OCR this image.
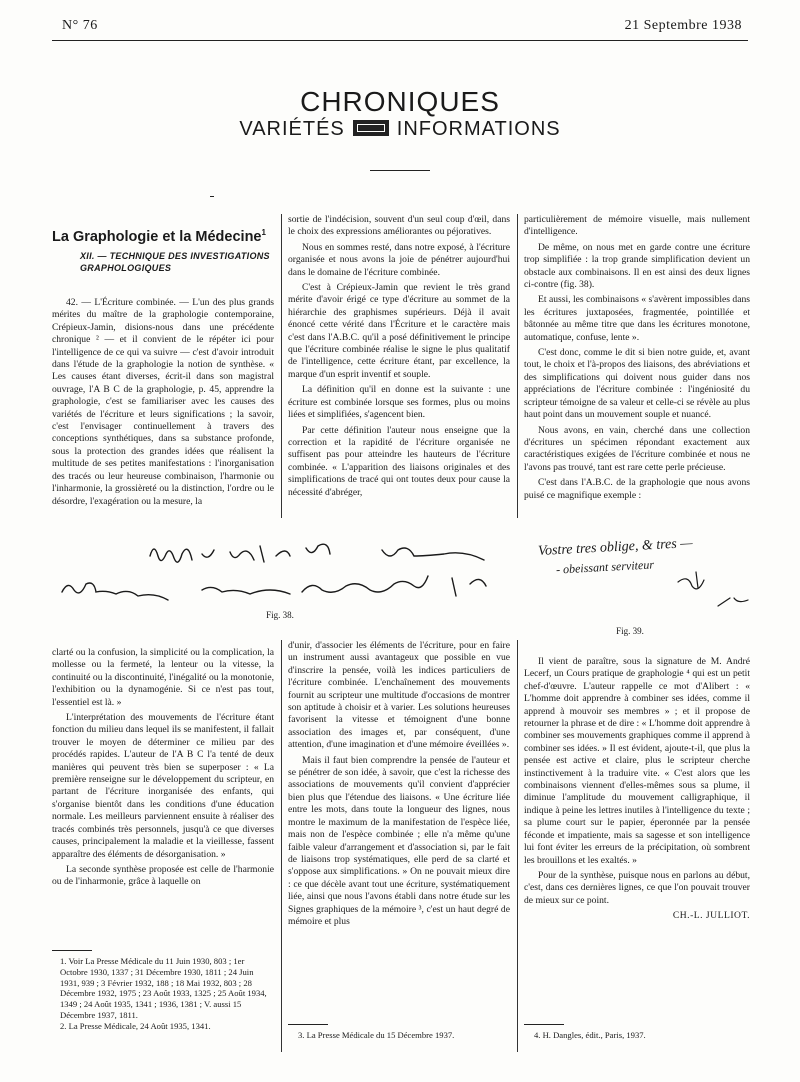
N° 76	21 Septembre 1938
CHRONIQUES
VARIÉTÉS	INFORMATIONS
La Graphologie et la Médecine$^1$
XII. — TECHNIQUE DES INVESTIGATIONS GRAPHOLOGIQUES

42. — L'Écriture combinée. — L'un des plus grands mérites du maître de la graphologie contemporaine, Crépieux-Jamin, disions-nous dans une précédente chronique ² — et il convient de le répéter ici pour l'intelligence de ce qui va suivre — c'est d'avoir introduit dans l'étude de la graphologie la notion de synthèse. « Les causes étant diverses, écrit-il dans son magistral ouvrage, l'A B C de la graphologie, p. 45, apprendre la graphologie, c'est se familiariser avec les causes des variétés de l'écriture et leurs significations ; la savoir, c'est l'envisager continuellement à travers des conceptions synthétiques, dans sa substance profonde, sous la protection des grandes idées que réalisent la multitude de ses petites manifestations : l'inorganisation des tracés ou leur heureuse combinaison, l'harmonie ou l'inharmonie, la grossièreté ou la distinction, l'ordre ou le désordre, l'exagération ou la mesure, la

sortie de l'indécision, souvent d'un seul coup d'œil, dans le choix des expressions améliorantes ou péjoratives.

Nous en sommes resté, dans notre exposé, à l'écriture organisée et nous avons la joie de pénétrer aujourd'hui dans le domaine de l'écriture combinée.

C'est à Crépieux-Jamin que revient le très grand mérite d'avoir érigé ce type d'écriture au sommet de la hiérarchie des graphismes supérieurs. Déjà il avait énoncé cette vérité dans l'Écriture et le caractère mais c'est dans l'A.B.C. qu'il a posé définitivement le principe que l'écriture combinée réalise le signe le plus qualitatif de l'intelligence, cette écriture étant, par excellence, la marque d'un esprit inventif et souple.

La définition qu'il en donne est la suivante : une écriture est combinée lorsque ses formes, plus ou moins liées et simplifiées, s'agencent bien.

Par cette définition l'auteur nous enseigne que la correction et la rapidité de l'écriture organisée ne suffisent pas pour atteindre les hauteurs de l'écriture combinée. « L'apparition des liaisons originales et des simplifications de tracé qui ont toutes deux pour cause la nécessité d'abréger,

particulièrement de mémoire visuelle, mais nullement d'intelligence.

De même, on nous met en garde contre une écriture trop simplifiée : la trop grande simplification devient un obstacle aux combinaisons. Il en est ainsi des deux lignes ci-contre (fig. 38).

Et aussi, les combinaisons « s'avèrent impossibles dans les écritures juxtaposées, fragmentée, pointillée et bâtonnée au même titre que dans les écritures monotone, automatique, confuse, lente ».

C'est donc, comme le dit si bien notre guide, et, avant tout, le choix et l'à-propos des liaisons, des abréviations et des simplifications qui doivent nous guider dans nos appréciations de l'écriture combinée : l'ingéniosité du scripteur témoigne de sa valeur et celle-ci se révèle au plus haut point dans un mouvement souple et nuancé.

Nous avons, en vain, cherché dans une collection d'écritures un spécimen répondant exactement aux caractéristiques exigées de l'écriture combinée et nous ne l'avons pas trouvé, tant est rare cette perle précieuse.

C'est dans l'A.B.C. de la graphologie que nous avons puisé ce magnifique exemple :

Fig. 38.
Vostre tres oblige, & tres —
- obeissant serviteur
Fig. 39.

clarté ou la confusion, la simplicité ou la complication, la mollesse ou la fermeté, la lenteur ou la vitesse, la continuité ou la discontinuité, l'inégalité ou la monotonie, l'exhibition ou la dynamogénie. Si ce n'est pas tout, l'essentiel est là. »

L'interprétation des mouvements de l'écriture étant fonction du milieu dans lequel ils se manifestent, il fallait trouver le moyen de déterminer ce milieu par des procédés rapides. L'auteur de l'A B C l'a tenté de deux manières qui peuvent très bien se superposer : « La première renseigne sur le développement du scripteur, en partant de l'écriture inorganisée des enfants, qui s'organise bientôt dans les conditions d'une éducation normale. Les meilleurs parviennent ensuite à réaliser des tracés combinés très personnels, jusqu'à ce que diverses causes, principalement la maladie et la vieillesse, fassent apparaître des éléments de désorganisation. »

La seconde synthèse proposée est celle de l'harmonie ou de l'inharmonie, grâce à laquelle on

d'unir, d'associer les éléments de l'écriture, pour en faire un instrument aussi avantageux que possible en vue d'inscrire la pensée, voilà les indices particuliers de l'écriture combinée. L'enchaînement des mouvements fournit au scripteur une multitude d'occasions de montrer son aptitude à choisir et à varier. Les solutions heureuses favorisent la vitesse et témoignent d'une bonne association des images et, par conséquent, d'une attention, d'une imagination et d'une mémoire éveillées ».

Mais il faut bien comprendre la pensée de l'auteur et se pénétrer de son idée, à savoir, que c'est la richesse des associations de mouvements qu'il convient d'apprécier bien plus que l'étendue des liaisons. « Une écriture liée entre les mots, dans toute la longueur des lignes, nous montre le maximum de la manifestation de l'espèce liée, mais non de l'espèce combinée ; elle n'a même qu'une faible valeur d'arrangement et d'association si, par le fait de liaisons trop systématiques, elle perd de sa clarté et s'oppose aux simplifications. » On ne pouvait mieux dire : ce que décèle avant tout une écriture, systématiquement liée, ainsi que nous l'avons établi dans notre étude sur les Signes graphiques de la mémoire ³, c'est un haut degré de mémoire et plus

Il vient de paraître, sous la signature de M. André Lecerf, un Cours pratique de graphologie ⁴ qui est un petit chef-d'œuvre. L'auteur rappelle ce mot d'Alibert : « L'homme doit apprendre à combiner ses idées, comme il apprend à mouvoir ses membres » ; et il propose de retourner la phrase et de dire : « L'homme doit apprendre à combiner ses mouvements graphiques comme il apprend à combiner ses idées. » Il est évident, ajoute-t-il, que plus la pensée est active et claire, plus le scripteur cherche instinctivement à la traduire vite. « C'est alors que les combinaisons viennent d'elles-mêmes sous sa plume, il diminue l'amplitude du mouvement calligraphique, il indique à peine les lettres inutiles à l'intelligence du texte ; sa plume court sur le papier, éperonnée par la pensée féconde et impatiente, mais sa sagesse et son intelligence lui font éviter les erreurs de la précipitation, où sombrent les brouillons et les exaltés. »

Pour de la synthèse, puisque nous en parlons au début, c'est, dans ces dernières lignes, ce que l'on pouvait trouver de mieux sur ce point.

CH.-L. JULLIOT.

1. Voir La Presse Médicale du 11 Juin 1930, 803 ; 1er Octobre 1930, 1337 ; 31 Décembre 1930, 1811 ; 24 Juin 1931, 939 ; 3 Février 1932, 188 ; 18 Mai 1932, 803 ; 28 Décembre 1932, 1975 ; 23 Août 1933, 1325 ; 25 Août 1934, 1349 ; 24 Août 1935, 1341 ; 1936, 1381 ; V. aussi 15 Décembre 1937, 1811.
2. La Presse Médicale, 24 Août 1935, 1341.
3. La Presse Médicale du 15 Décembre 1937.	4. H. Dangles, édit., Paris, 1937.
